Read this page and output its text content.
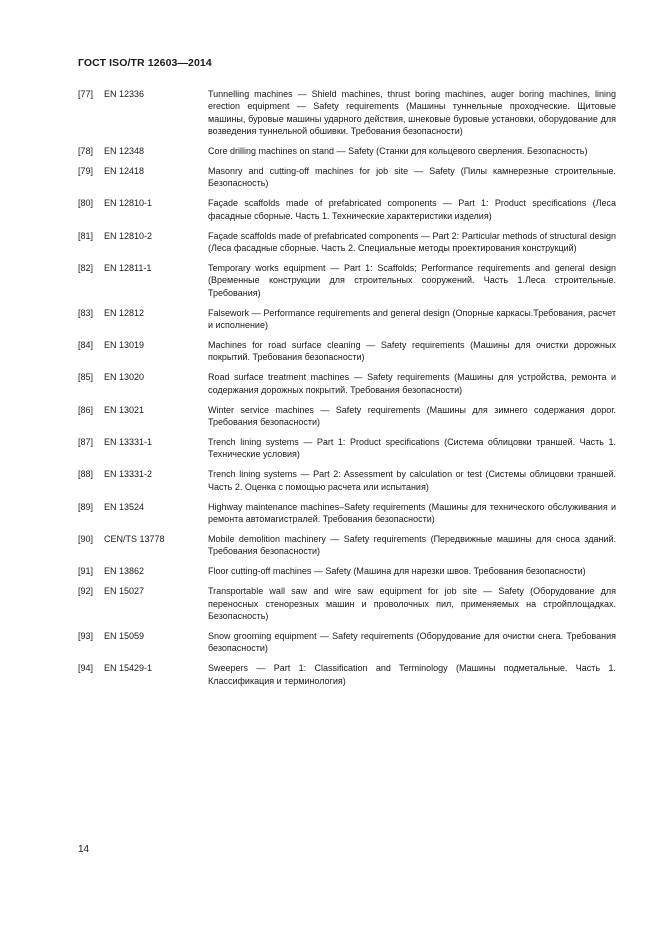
ГОСТ ISO/TR 12603—2014
[77]	EN 12336	Tunnelling machines — Shield machines, thrust boring machines, auger boring machines, lining erection equipment — Safety requirements (Машины туннельные проходческие. Щитовые машины, буровые машины ударного действия, шнековые буровые установки, оборудование для возведения туннельной обшивки. Требования безопасности)
[78]	EN 12348	Core drilling machines on stand — Safety (Станки для кольцевого сверления. Безопасность)
[79]	EN 12418	Masonry and cutting-off machines for job site — Safety (Пилы камнерезные строительные. Безопасность)
[80]	EN 12810-1	Façade scaffolds made of prefabricated components — Part 1: Product specifications (Леса фасадные сборные. Часть 1. Технические характеристики изделия)
[81]	EN 12810-2	Façade scaffolds made of prefabricated components — Part 2: Particular methods of structural design (Леса фасадные сборные. Часть 2. Специальные методы проектирования конструкций)
[82]	EN 12811-1	Temporary works equipment — Part 1: Scaffolds; Performance requirements and general design (Временные конструкции для строительных сооружений. Часть 1.Леса строительные. Требования)
[83]	EN 12812	Falsework — Performance requirements and general design (Опорные каркасы.Требования, расчет и исполнение)
[84]	EN 13019	Machines for road surface cleaning — Safety requirements (Машины для очистки дорожных покрытий. Требования безопасности)
[85]	EN 13020	Road surface treatment machines — Safety requirements (Машины для устройства, ремонта и содержания дорожных покрытий. Требования безопасности)
[86]	EN 13021	Winter service machines — Safety requirements (Машины для зимнего содержания дорог. Требования безопасности)
[87]	EN 13331-1	Trench lining systems — Part 1: Product specifications (Система облицовки траншей. Часть 1. Технические условия)
[88]	EN 13331-2	Trench lining systems — Part 2: Assessment by calculation or test (Системы облицовки траншей. Часть 2. Оценка с помощью расчета или испытания)
[89]	EN 13524	Highway maintenance machines–Safety requirements (Машины для технического обслуживания и ремонта автомагистралей. Требования безопасности)
[90]	CEN/TS 13778	Mobile demolition machinery — Safety requirements (Передвижные машины для сноса зданий. Требования безопасности)
[91]	EN 13862	Floor cutting-off machines — Safety (Машина для нарезки швов. Требования безопасности)
[92]	EN 15027	Transportable wall saw and wire saw equipment for job site — Safety (Оборудование для переносных стенорезных машин и проволочных пил, применяемых на стройплощадках. Безопасность)
[93]	EN 15059	Snow grooming equipment — Safety requirements (Оборудование для очистки снега. Требования безопасности)
[94]	EN 15429-1	Sweepers — Part 1: Classification and Terminology (Машины подметальные. Часть 1. Классификация и терминология)
14
